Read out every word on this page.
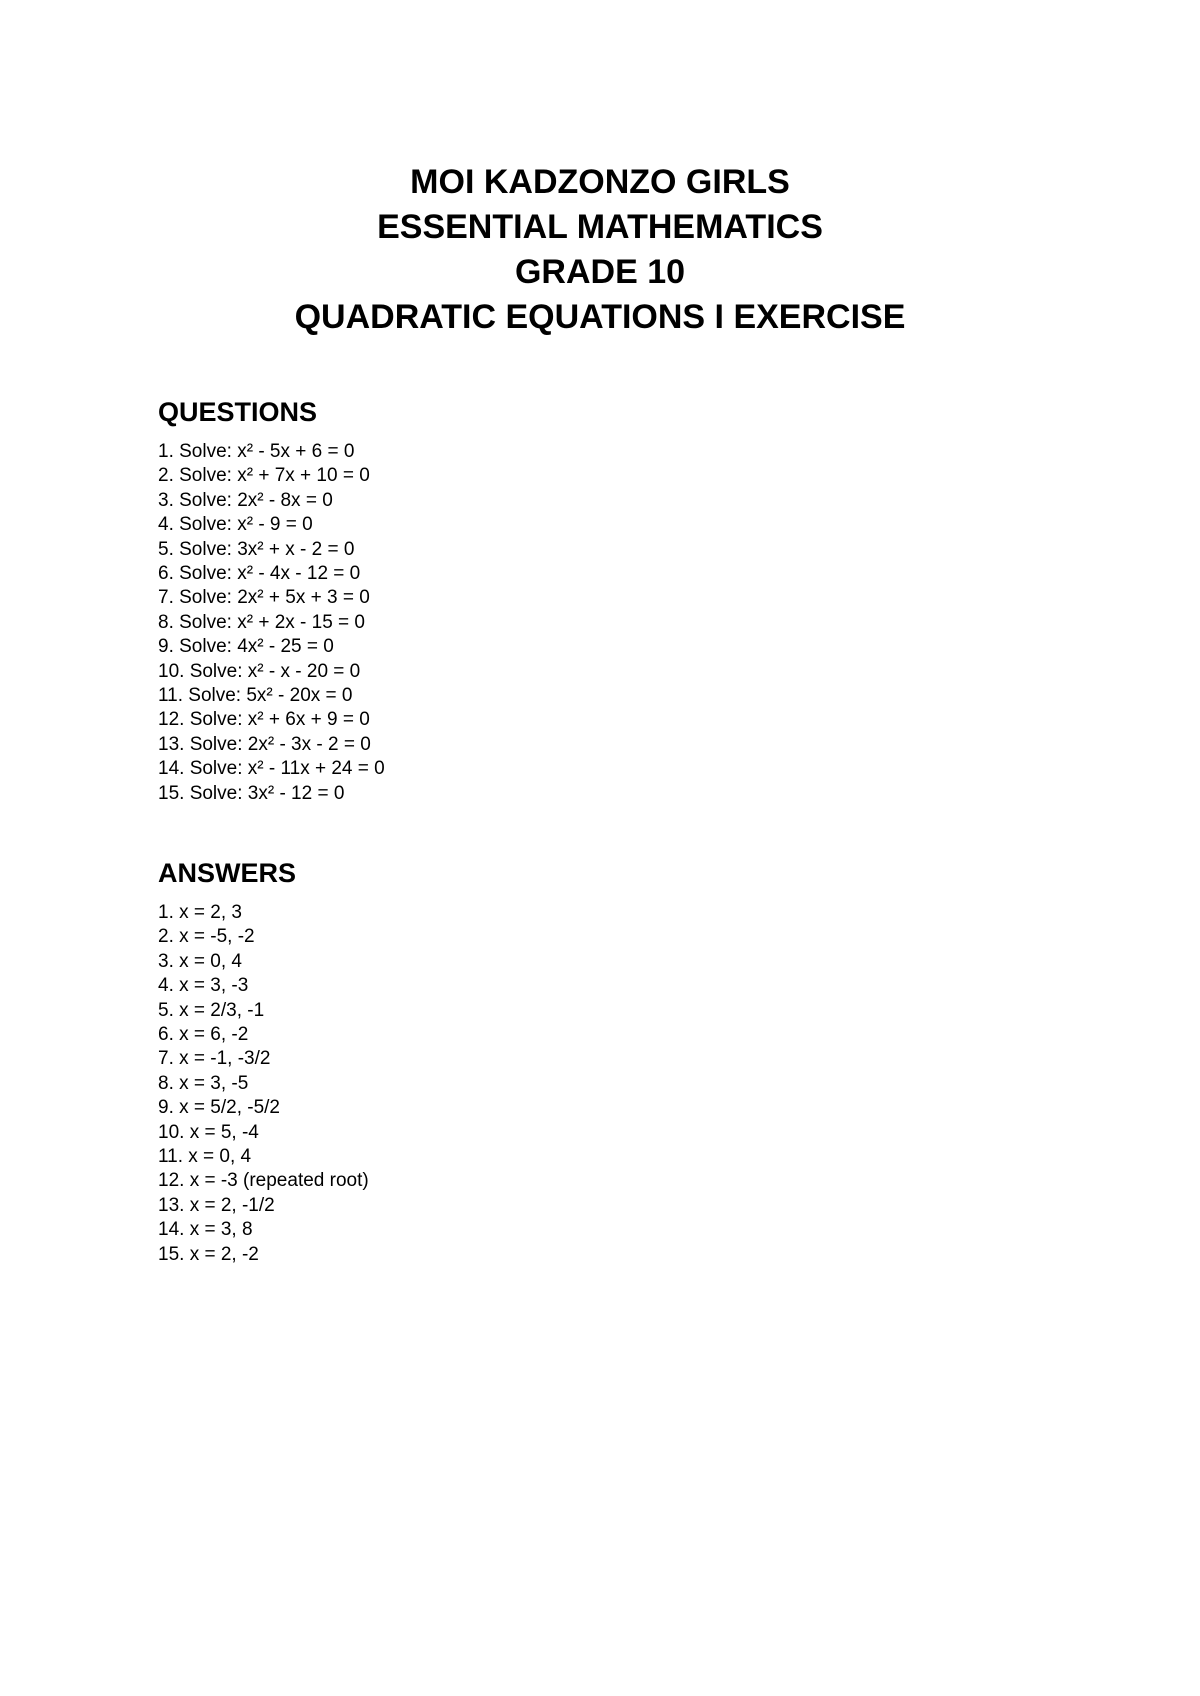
MOI KADZONZO GIRLS

ESSENTIAL MATHEMATICS

GRADE 10

QUADRATIC EQUATIONS I EXERCISE

QUESTIONS
1. Solve: x² - 5x + 6 = 0
2. Solve: x² + 7x + 10 = 0
3. Solve: 2x² - 8x = 0
4. Solve: x² - 9 = 0
5. Solve: 3x² + x - 2 = 0
6. Solve: x² - 4x - 12 = 0
7. Solve: 2x² + 5x + 3 = 0
8. Solve: x² + 2x - 15 = 0
9. Solve: 4x² - 25 = 0
10. Solve: x² - x - 20 = 0
11. Solve: 5x² - 20x = 0
12. Solve: x² + 6x + 9 = 0
13. Solve: 2x² - 3x - 2 = 0
14. Solve: x² - 11x + 24 = 0
15. Solve: 3x² - 12 = 0
ANSWERS
1. x = 2, 3
2. x = -5, -2
3. x = 0, 4
4. x = 3, -3
5. x = 2/3, -1
6. x = 6, -2
7. x = -1, -3/2
8. x = 3, -5
9. x = 5/2, -5/2
10. x = 5, -4
11. x = 0, 4
12. x = -3 (repeated root)
13. x = 2, -1/2
14. x = 3, 8
15. x = 2, -2
